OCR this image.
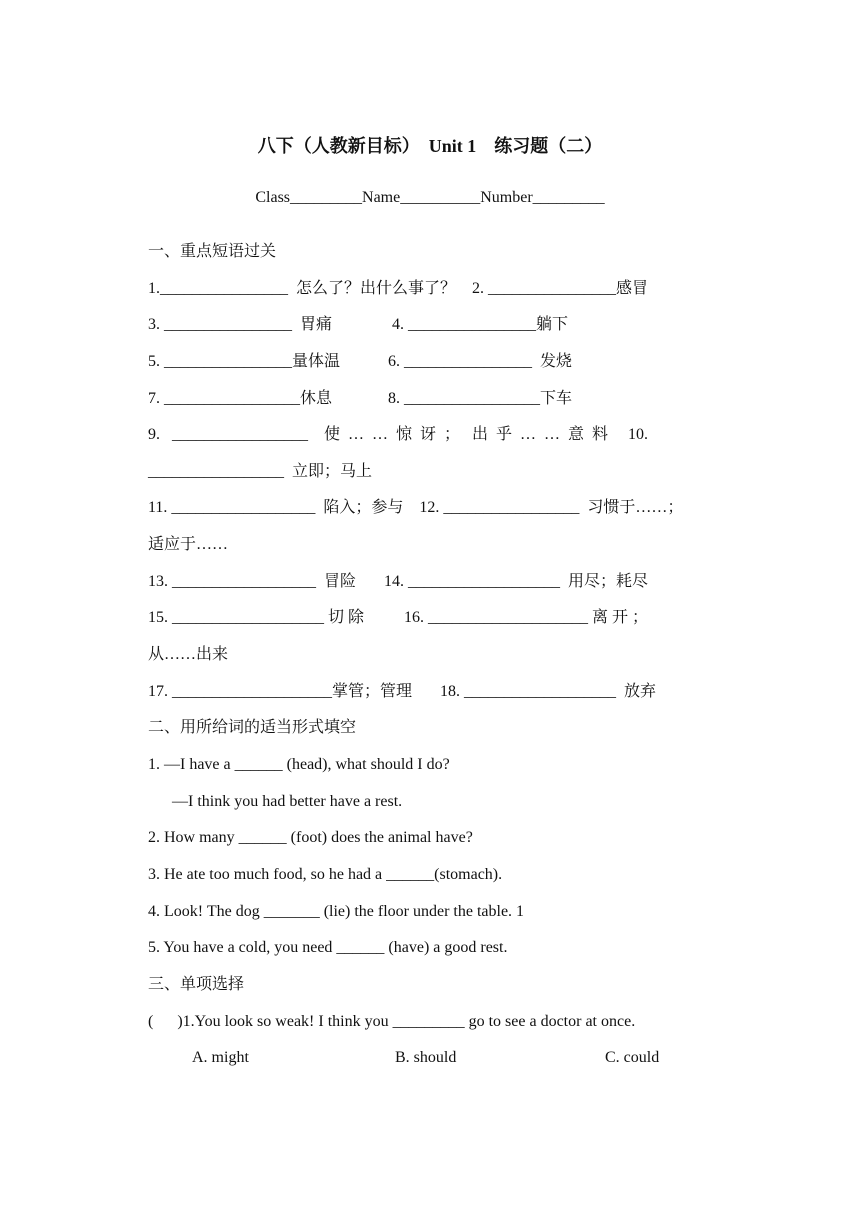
八下（人教新目标）  Unit 1    练习题（二）
Class_________Name__________Number_________
一、重点短语过关
1.________________  怎么了？出什么事了？    2. ________________感冒
3. ________________  胃痛               4. ________________躺下
5. ________________量体温            6. ________________  发烧
7. _________________休息              8. _________________下车
9.   _________________    使  …  …  惊  讶  ；   出  乎  …  …  意  料     10.
_________________  立即；马上
11. __________________  陷入；参与    12. _________________  习惯于……；
适应于……
13. __________________  冒险       14. ___________________  用尽；耗尽
15. ___________________ 切 除          16. ____________________ 离 开 ；
从……出来
17. ____________________掌管；管理       18. ___________________  放弃
二、用所给词的适当形式填空
1. —I have a ______ (head), what should I do?
—I think you had better have a rest.
2. How many ______ (foot) does the animal have?
3. He ate too much food, so he had a ______(stomach).
4. Look! The dog _______ (lie) the floor under the table. 1
5. You have a cold, you need ______ (have) a good rest.
三、单项选择
(      )1.You look so weak! I think you _________ go to see a doctor at once.
A. might	B. should	C. could
